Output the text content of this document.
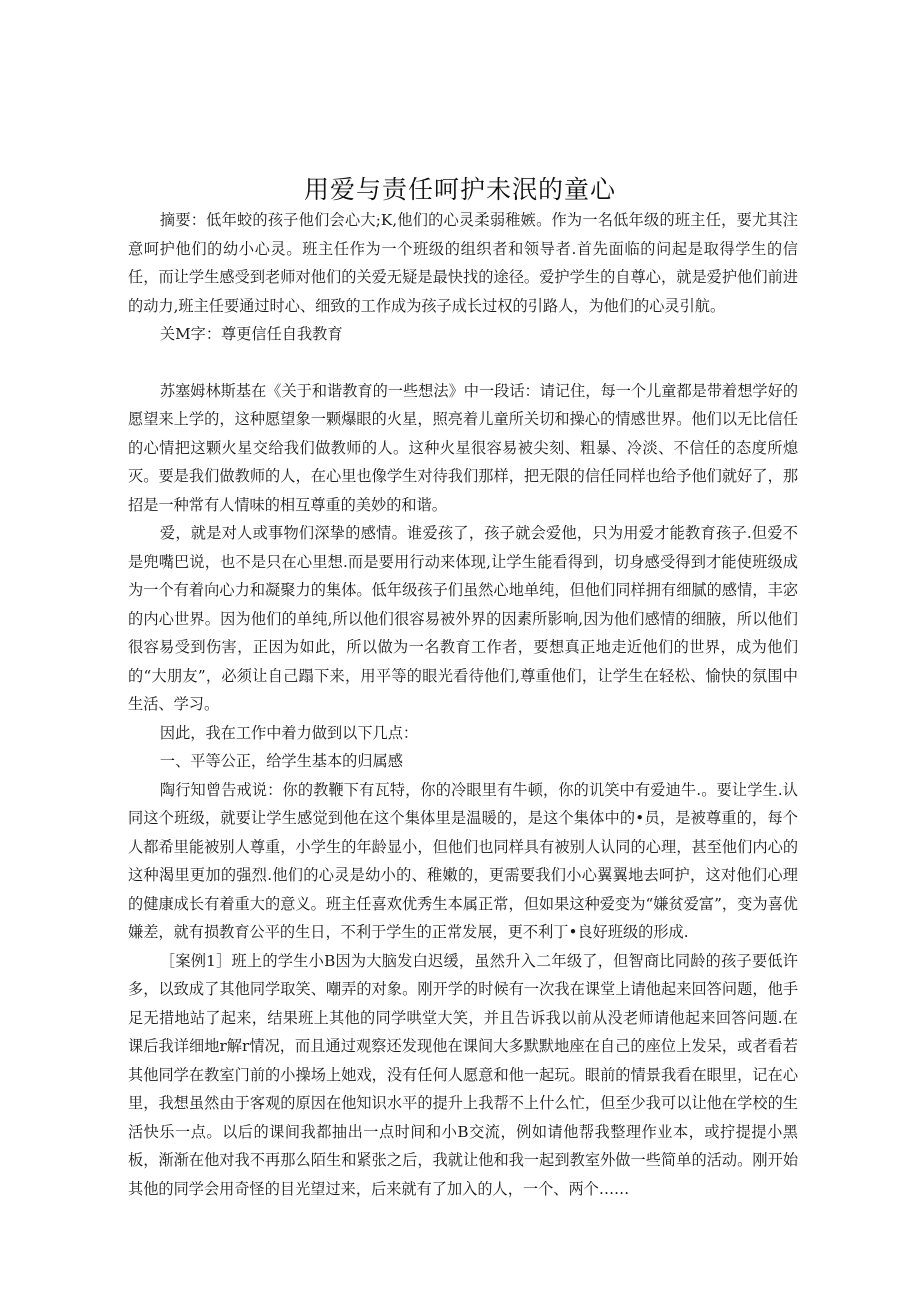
用爱与责任呵护未泯的童心

摘要：低年蛟的孩子他们会心大;K,他们的心灵柔弱稚嫉。作为一名低年级的班主任，要尤其注意呵护他们的幼小心灵。班主任作为一个班级的组织者和领导者.首先面临的问起是取得学生的信任，而让学生感受到老师对他们的关爱无疑是最快找的途径。爱护学生的自尊心，就是爱护他们前进的动力,班主任要通过时心、细致的工作成为孩子成长过权的引路人，为他们的心灵引航。

关M字：尊更信任自我教育

苏塞姆林斯基在《关于和谐教育的一些想法》中一段话：请记住，每一个儿童都是带着想学好的愿望来上学的，这种愿望象一颗爆眼的火星，照亮着儿童所关切和操心的情感世界。他们以无比信任的心情把这颗火星交给我们做教师的人。这种火星很容易被尖刻、粗暴、冷淡、不信任的态度所熄灭。要是我们做教师的人，在心里也像学生对待我们那样，把无限的信任同样也给予他们就好了，那招是一种常有人情味的相互尊重的美妙的和谐。

爱，就是对人或事物们深挚的感情。谁爱孩了，孩子就会爱他，只为用爱才能教育孩子.但爱不是兜嘴巴说，也不是只在心里想.而是要用行动来体现,让学生能看得到，切身感受得到才能使班级成为一个有着向心力和凝聚力的集体。低年级孩子们虽然心地单纯，但他们同样拥有细腻的感情，丰宓的内心世界。因为他们的单纯,所以他们很容易被外界的因素所影响,因为他们感情的细腋，所以他们很容易受到伤害，正因为如此，所以做为一名教育工作者，要想真正地走近他们的世界，成为他们的“大朋友”，必须让自己蹋下来，用平等的眼光看待他们,尊重他们，让学生在轻松、愉快的氛围中生活、学习。

因此，我在工作中着力做到以下几点：

一、平等公正，给学生基本的归属感

陶行知曾告戒说：你的教鞭下有瓦特，你的冷眼里有牛顿，你的讥笑中有爱迪牛.。要让学生.认同这个班级，就要让学生感觉到他在这个集体里是温暖的，是这个集体中的•员，是被尊重的，每个人都希里能被别人尊重，小学生的年龄显小，但他们也同样具有被别人认同的心理，甚至他们内心的这种渴里更加的强烈.他们的心灵是幼小的、稚嫩的，更需要我们小心翼翼地去呵护，这对他们心理的健康成长有着重大的意义。班主任喜欢优秀生本属正常，但如果这种爱变为“嫌贫爱富”，变为喜优嫌差，就有损教育公平的生日，不利于学生的正常发展，更不利丁•良好班级的形成.

［案例1］班上的学生小B因为大脑发白迟缓，虽然升入二年级了，但智商比同龄的孩子要低许多，以致成了其他同学取笑、嘲弄的对象。刚开学的时候有一次我在课堂上请他起来回答问题，他手足无措地站了起来，结果班上其他的同学哄堂大笑，并且告诉我以前从没老师请他起来回答问题.在课后我详细地r解r情况，而且通过观察还发现他在课间大多默默地座在自己的座位上发呆，或者看若其他同学在教室门前的小操场上她戏，没有任何人愿意和他一起玩。眼前的情景我看在眼里，记在心里，我想虽然由于客观的原因在他知识水平的提升上我帮不上什么忙，但至少我可以让他在学校的生活快乐一点。以后的课间我都抽出一点时间和小B交流，例如请他帮我整理作业本，或拧提提小黑板，渐渐在他对我不再那么陌生和紧张之后，我就让他和我一起到教室外做一些简单的活动。刚开始其他的同学会用奇怪的目光望过来，后来就有了加入的人，一个、两个……
